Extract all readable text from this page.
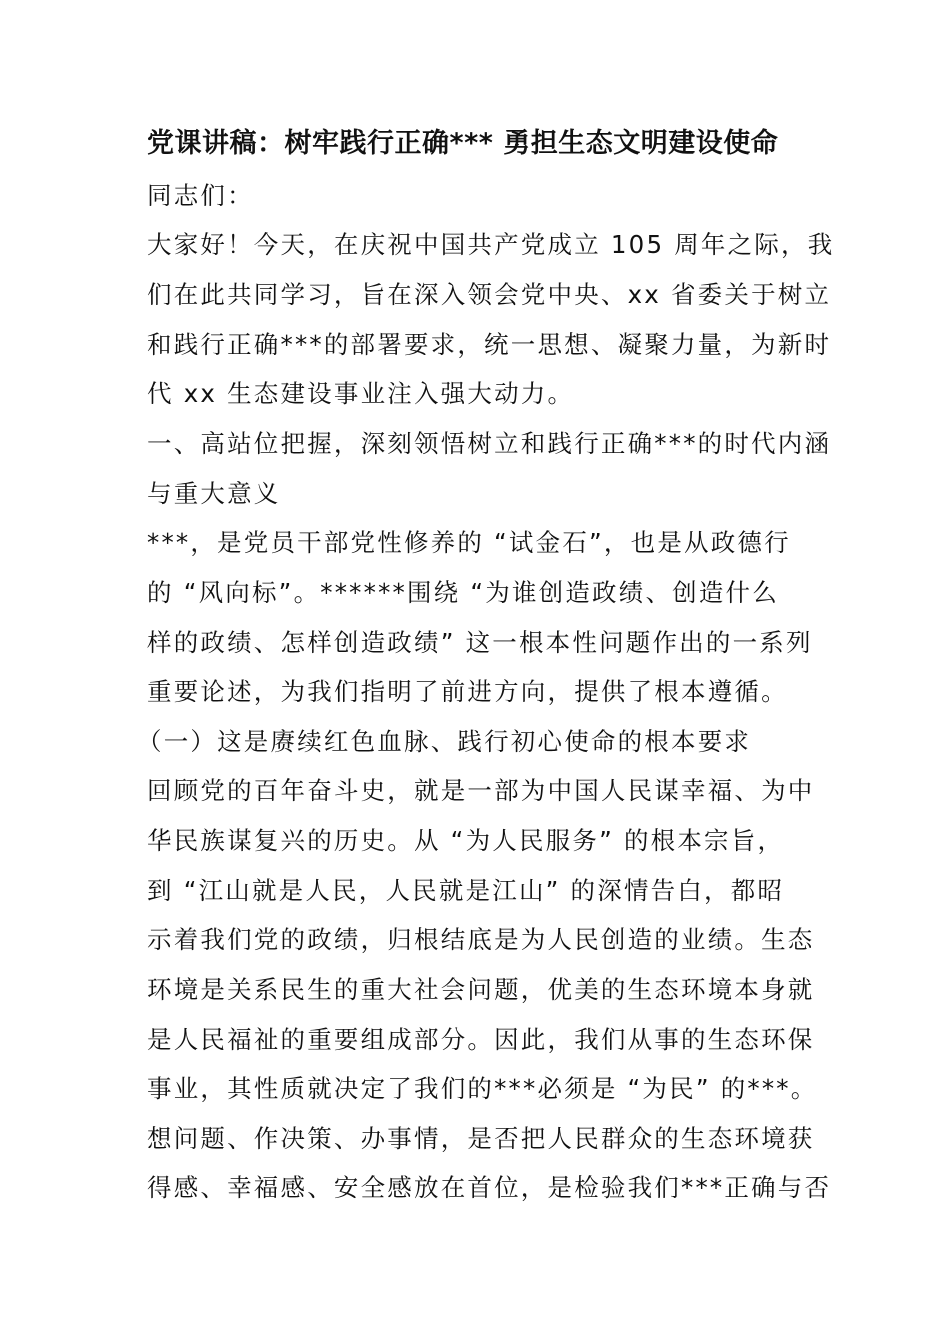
党课讲稿：树牢践行正确*** 勇担生态文明建设使命
同志们：
大家好！今天，在庆祝中国共产党成立 105 周年之际，我
们在此共同学习，旨在深入领会党中央、xx 省委关于树立
和践行正确***的部署要求，统一思想、凝聚力量，为新时
代 xx 生态建设事业注入强大动力。
一、高站位把握，深刻领悟树立和践行正确***的时代内涵
与重大意义
***，是党员干部党性修养的 “试金石”，也是从政德行
的 “风向标”。******围绕 “为谁创造政绩、创造什么
样的政绩、怎样创造政绩” 这一根本性问题作出的一系列
重要论述，为我们指明了前进方向，提供了根本遵循。
（一）这是赓续红色血脉、践行初心使命的根本要求
回顾党的百年奋斗史，就是一部为中国人民谋幸福、为中
华民族谋复兴的历史。从 “为人民服务” 的根本宗旨，
到 “江山就是人民，人民就是江山” 的深情告白，都昭
示着我们党的政绩，归根结底是为人民创造的业绩。生态
环境是关系民生的重大社会问题，优美的生态环境本身就
是人民福祉的重要组成部分。因此，我们从事的生态环保
事业，其性质就决定了我们的***必须是 “为民” 的***。
想问题、作决策、办事情，是否把人民群众的生态环境获
得感、幸福感、安全感放在首位，是检验我们***正确与否
